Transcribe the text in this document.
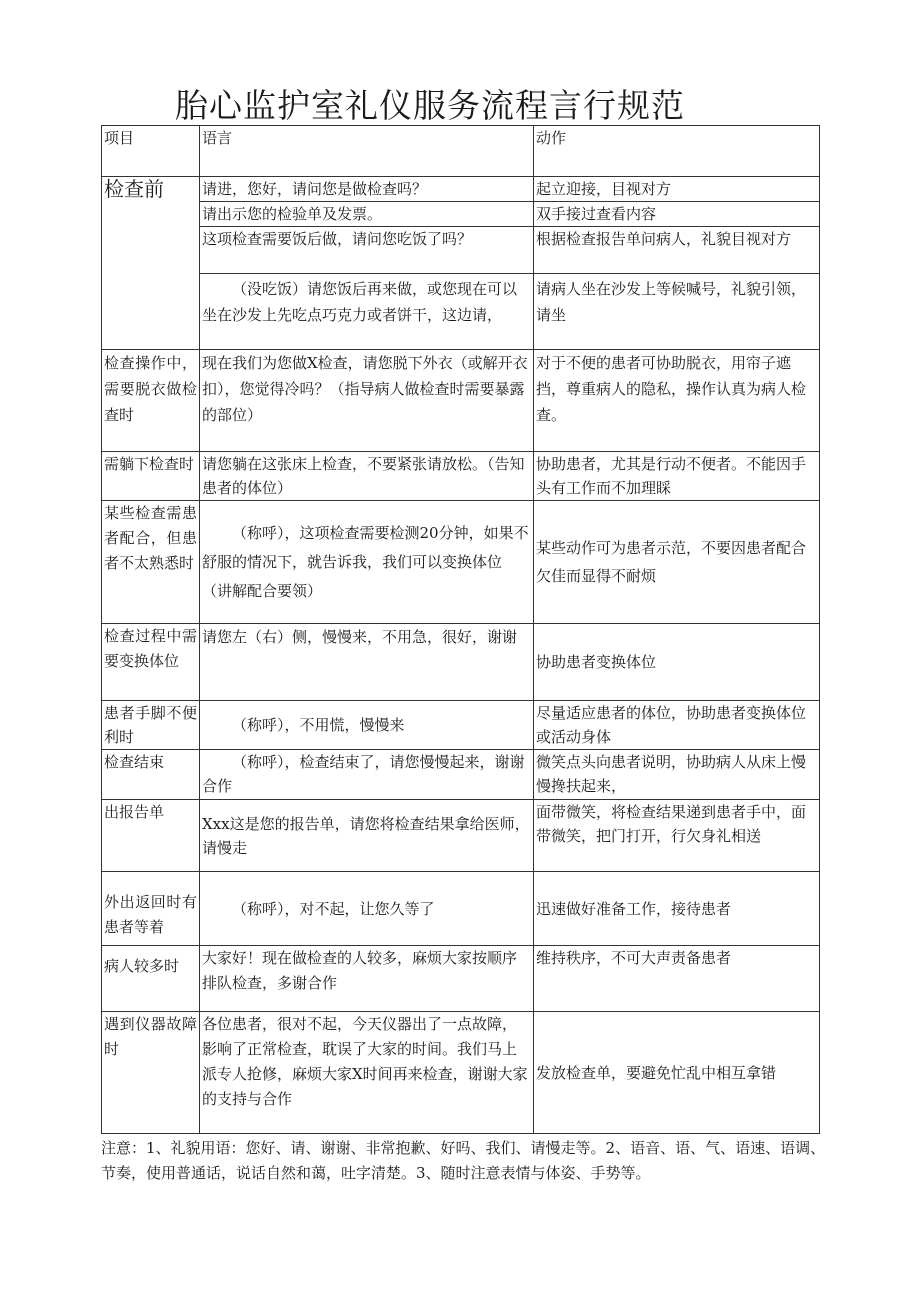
胎心监护室礼仪服务流程言行规范
项目	语言	动作
检查前	请进，您好，请问您是做检查吗？	起立迎接，目视对方
	请出示您的检验单及发票。	双手接过查看内容
	这项检查需要饭后做，请问您吃饭了吗？	根据检查报告单问病人，礼貌目视对方
	（没吃饭）请您饭后再来做，或您现在可以坐在沙发上先吃点巧克力或者饼干，这边请，	请病人坐在沙发上等候喊号，礼貌引领，请坐
检查操作中，需要脱衣做检查时	现在我们为您做X检查，请您脱下外衣（或解开衣扣），您觉得冷吗？（指导病人做检查时需要暴露的部位）	对于不便的患者可协助脱衣，用帘子遮挡，尊重病人的隐私，操作认真为病人检查。
需躺下检查时	请您躺在这张床上检查，不要紧张请放松。（告知患者的体位）	协助患者，尤其是行动不便者。不能因手头有工作而不加理睬
某些检查需患者配合，但患者不太熟悉时	（称呼），这项检查需要检测20分钟，如果不舒服的情况下，就告诉我，我们可以变换体位（讲解配合要领）	某些动作可为患者示范，不要因患者配合欠佳而显得不耐烦
检查过程中需要变换体位	请您左（右）侧，慢慢来，不用急，很好，谢谢	协助患者变换体位
患者手脚不便利时	（称呼），不用慌，慢慢来	尽量适应患者的体位，协助患者变换体位或活动身体
检查结束	（称呼），检查结束了，请您慢慢起来，谢谢合作	微笑点头向患者说明，协助病人从床上慢慢搀扶起来，
出报告单	Xxx这是您的报告单，请您将检查结果拿给医师，请慢走	面带微笑，将检查结果递到患者手中，面带微笑，把门打开，行欠身礼相送
外出返回时有患者等着	（称呼），对不起，让您久等了	迅速做好准备工作，接待患者
病人较多时	大家好！现在做检查的人较多，麻烦大家按顺序排队检查，多谢合作	维持秩序，不可大声责备患者
遇到仪器故障时	各位患者，很对不起，今天仪器出了一点故障，影响了正常检查，耽误了大家的时间。我们马上派专人抢修，麻烦大家X时间再来检查，谢谢大家的支持与合作	发放检查单，要避免忙乱中相互拿错
注意：1、礼貌用语：您好、请、谢谢、非常抱歉、好吗、我们、请慢走等。2、语音、语、气、语速、语调、节奏，使用普通话，说话自然和蔼，吐字清楚。3、随时注意表情与体姿、手势等。
